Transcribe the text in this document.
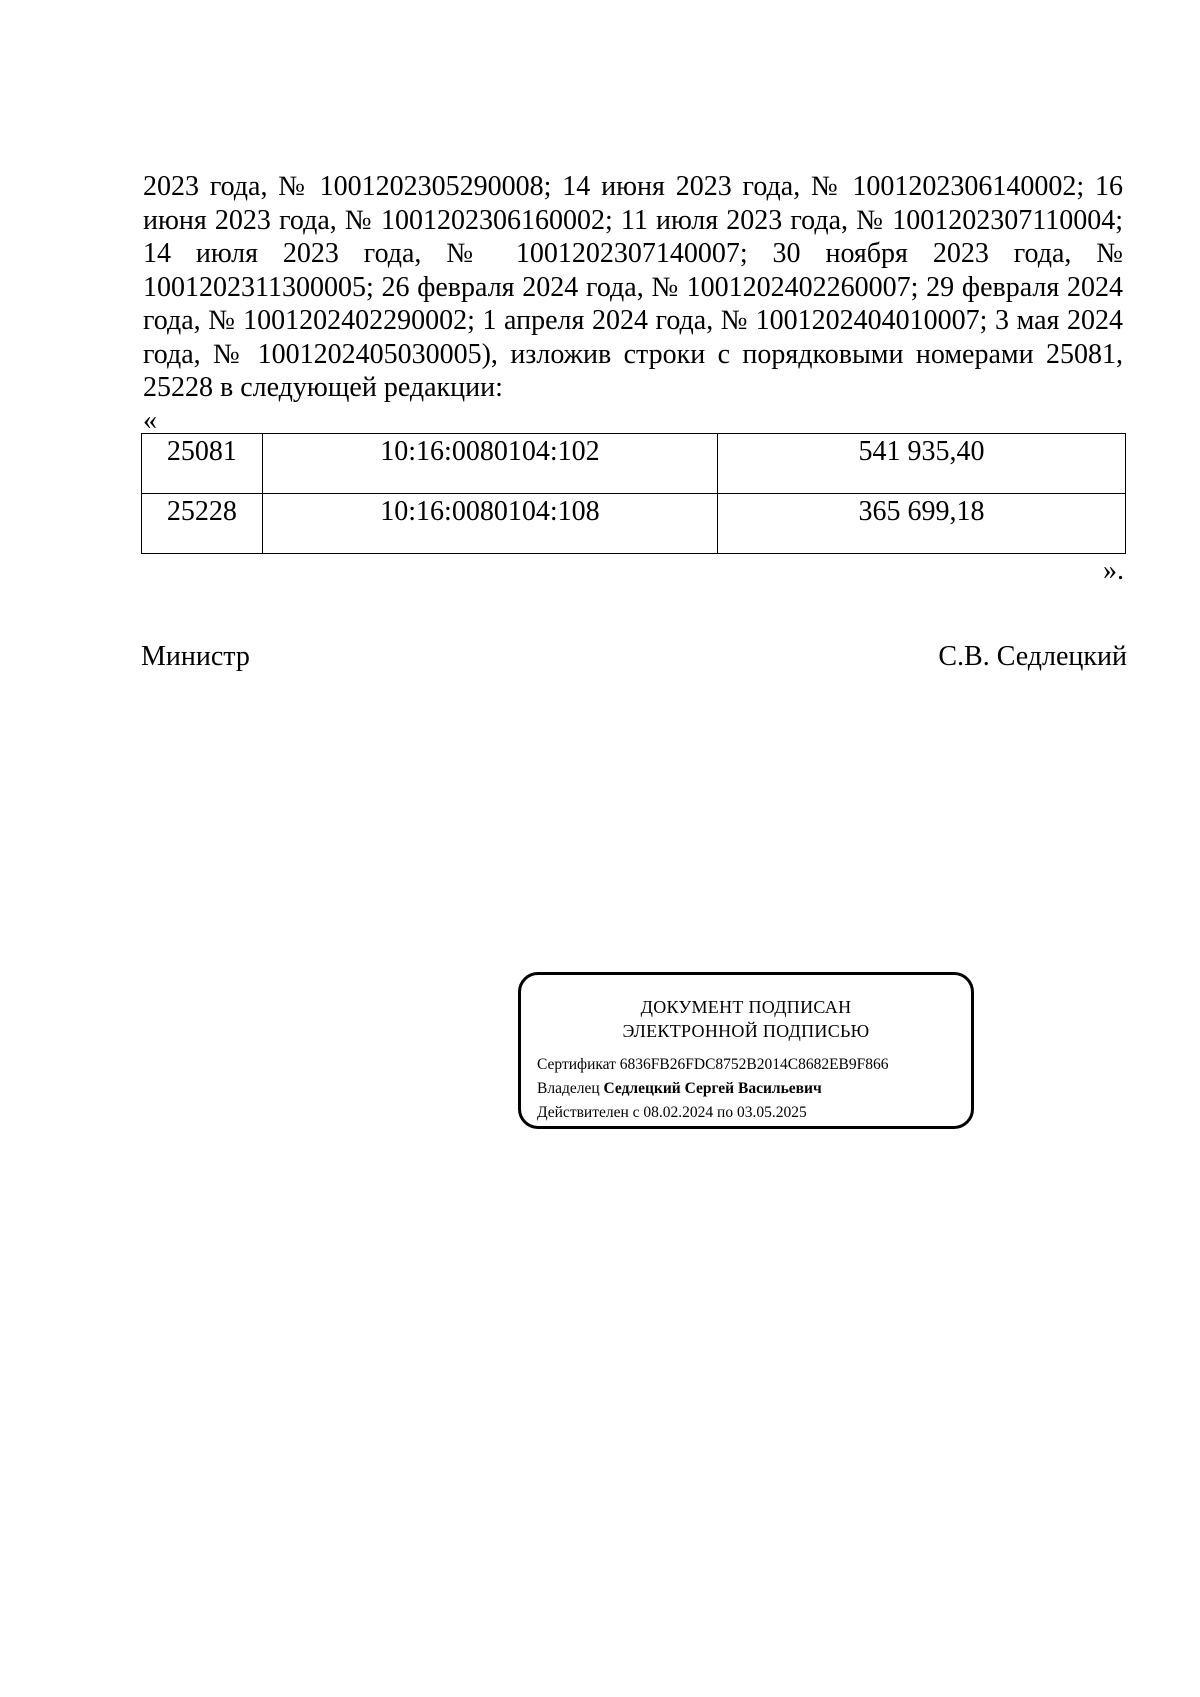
2023 года, № 1001202305290008; 14 июня 2023 года, № 1001202306140002; 16
июня 2023 года, № 1001202306160002; 11 июля 2023 года, № 1001202307110004;
14 июля 2023 года, № 1001202307140007; 30 ноября 2023 года, №
1001202311300005; 26 февраля 2024 года, № 1001202402260007; 29 февраля 2024
года, № 1001202402290002; 1 апреля 2024 года, № 1001202404010007; 3 мая 2024
года, № 1001202405030005), изложив строки с порядковыми номерами 25081,
25228 в следующей редакции:
«
25081	10:16:0080104:102	541 935,40
25228	10:16:0080104:108	365 699,18
».
Министр	С.В. Седлецкий
ДОКУМЕНТ ПОДПИСАН
ЭЛЕКТРОННОЙ ПОДПИСЬЮ
Сертификат 6836FB26FDC8752B2014C8682EB9F866
Владелец Седлецкий Сергей Васильевич
Действителен с 08.02.2024 по 03.05.2025
